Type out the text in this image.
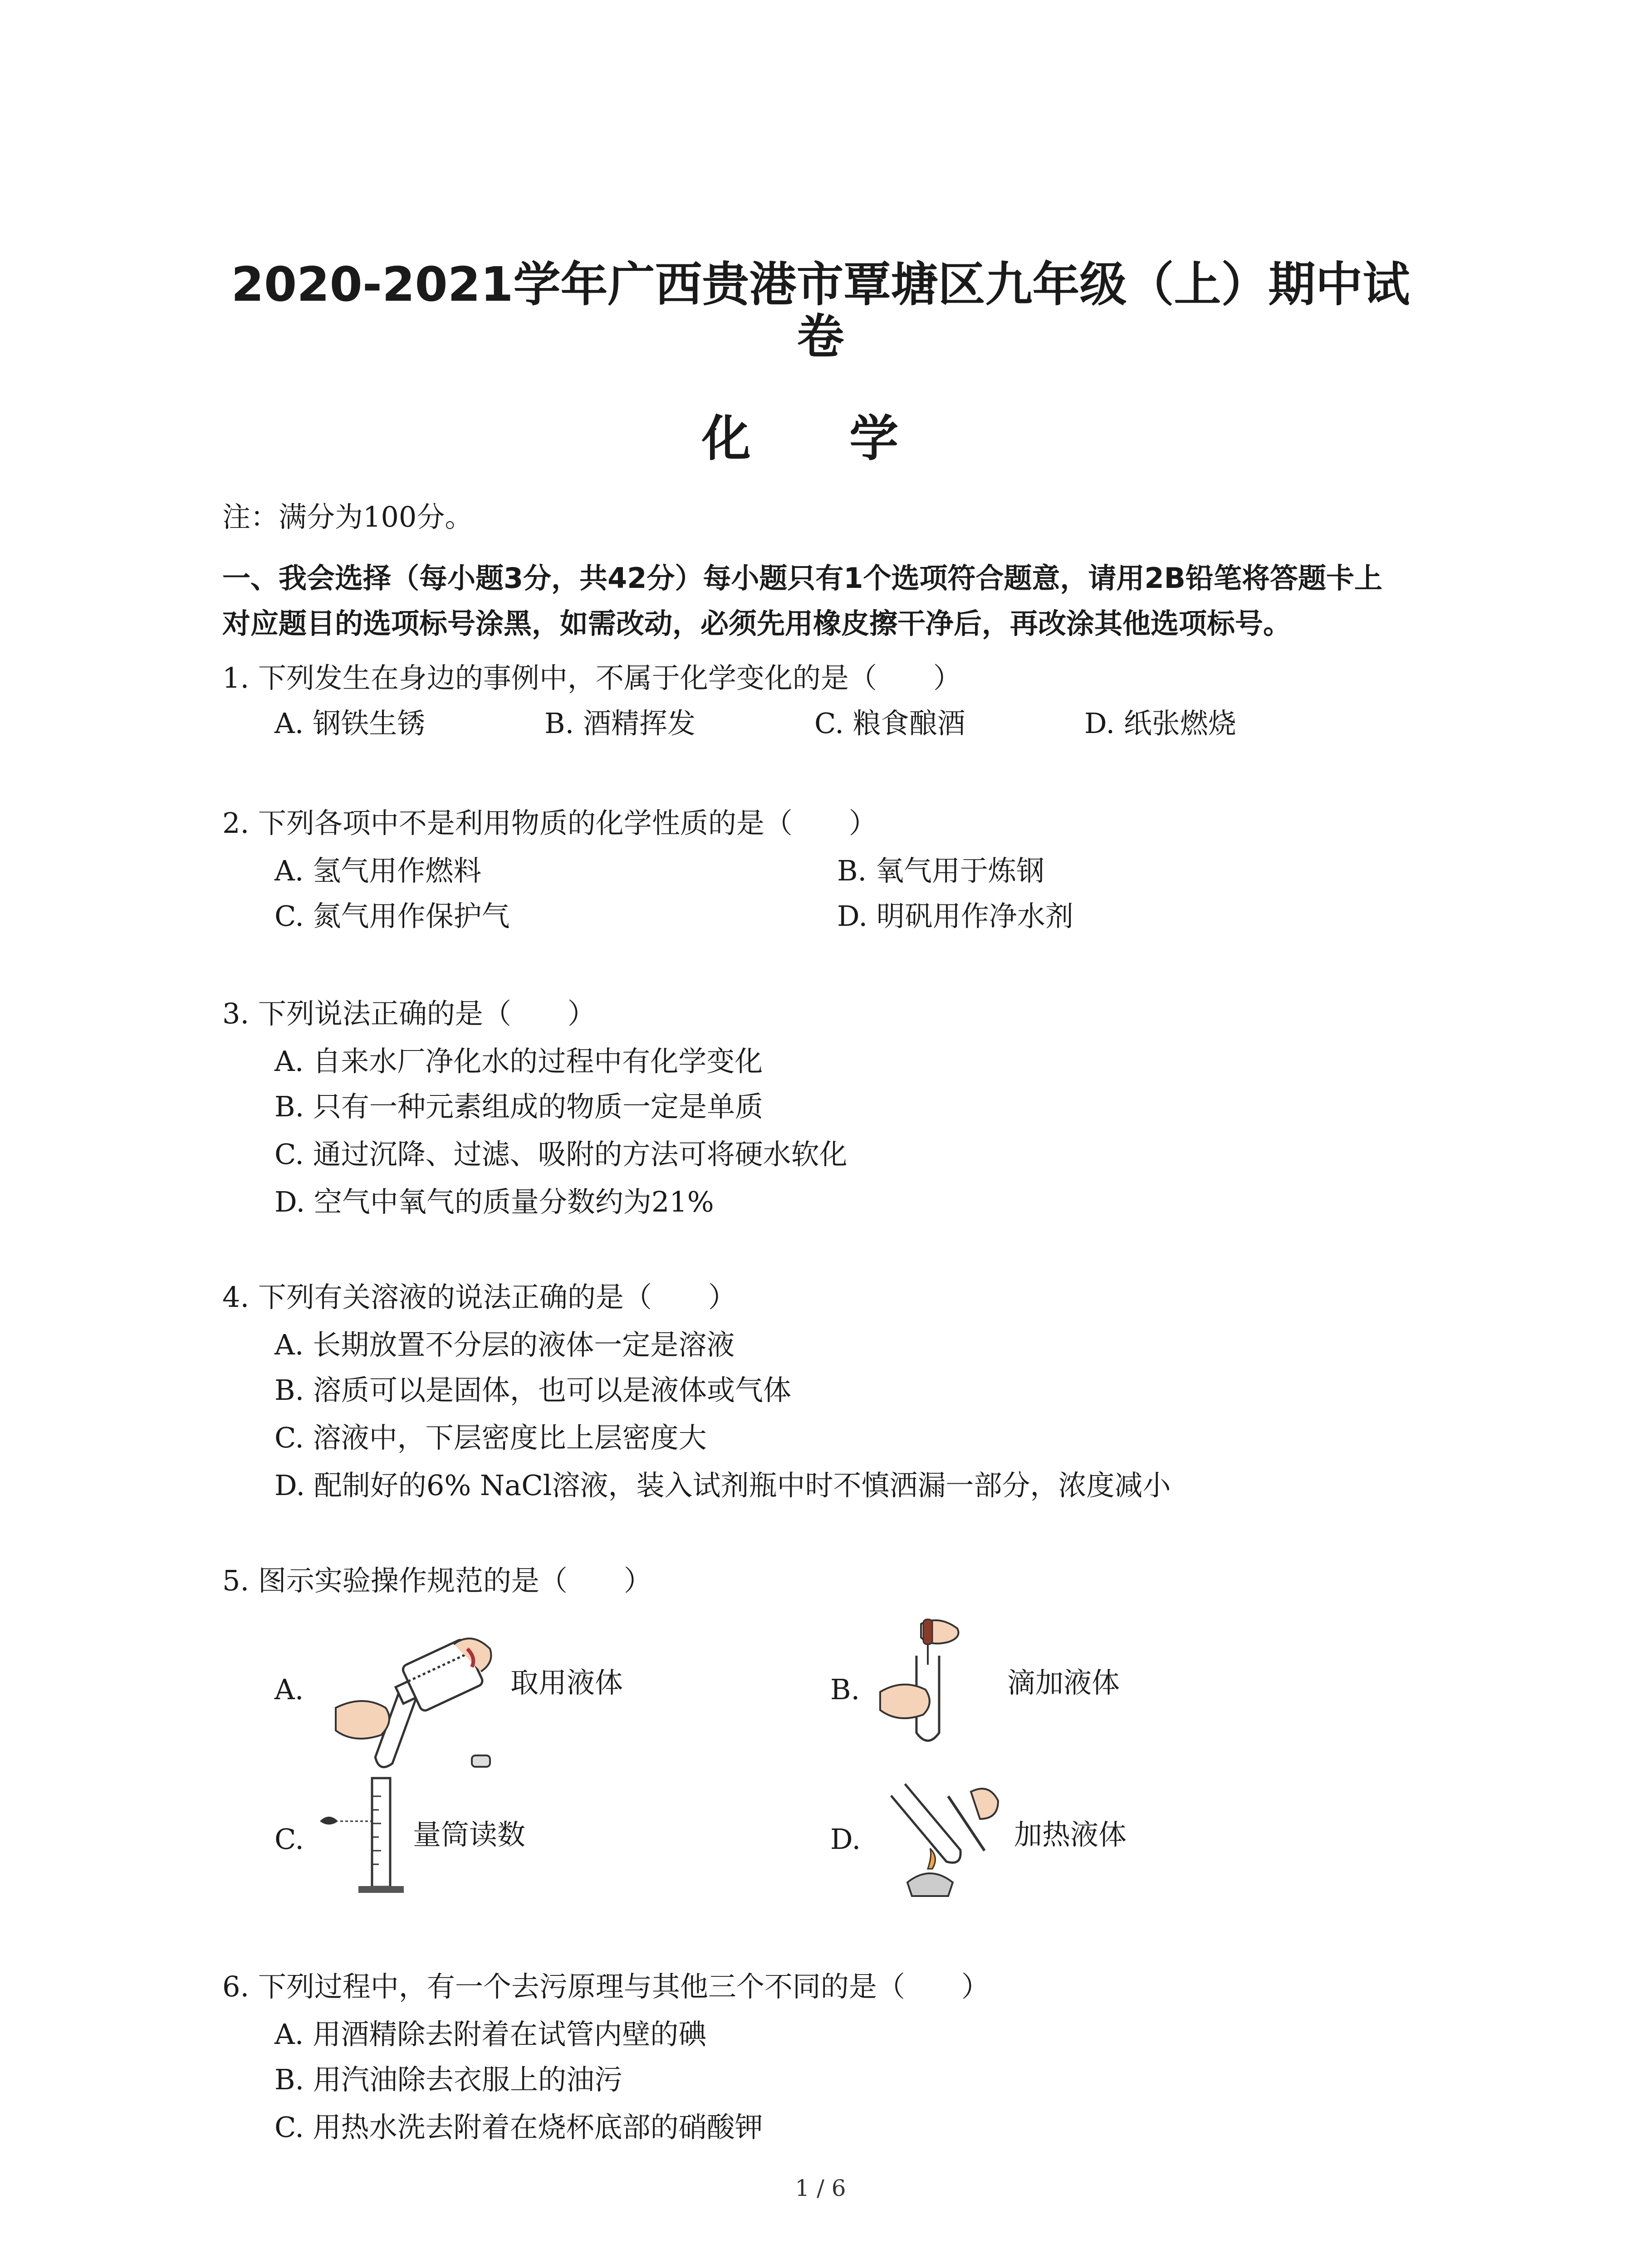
2020-2021学年广西贵港市覃塘区九年级（上）期中试
卷
化 学
注：满分为100分。
一、我会选择（每小题3分，共42分）每小题只有1个选项符合题意，请用2B铅笔将答题卡上
对应题目的选项标号涂黑，如需改动，必须先用橡皮擦干净后，再改涂其他选项标号。
1. 下列发生在身边的事例中，不属于化学变化的是（　　）
A. 钢铁生锈	B. 酒精挥发	C. 粮食酿酒	D. 纸张燃烧
2. 下列各项中不是利用物质的化学性质的是（　　）
A. 氢气用作燃料	B. 氧气用于炼钢
C. 氮气用作保护气	D. 明矾用作净水剂
3. 下列说法正确的是（　　）
A. 自来水厂净化水的过程中有化学变化
B. 只有一种元素组成的物质一定是单质
C. 通过沉降、过滤、吸附的方法可将硬水软化
D. 空气中氧气的质量分数约为21%
4. 下列有关溶液的说法正确的是（　　）
A. 长期放置不分层的液体一定是溶液
B. 溶质可以是固体，也可以是液体或气体
C. 溶液中，下层密度比上层密度大
D. 配制好的6% NaCl溶液，装入试剂瓶中时不慎洒漏一部分，浓度减小
5. 图示实验操作规范的是（　　）
A.	取用液体	B.	滴加液体
C.	量筒读数	D.	加热液体
6. 下列过程中，有一个去污原理与其他三个不同的是（　　）
A. 用酒精除去附着在试管内壁的碘
B. 用汽油除去衣服上的油污
C. 用热水洗去附着在烧杯底部的硝酸钾
1 / 6
